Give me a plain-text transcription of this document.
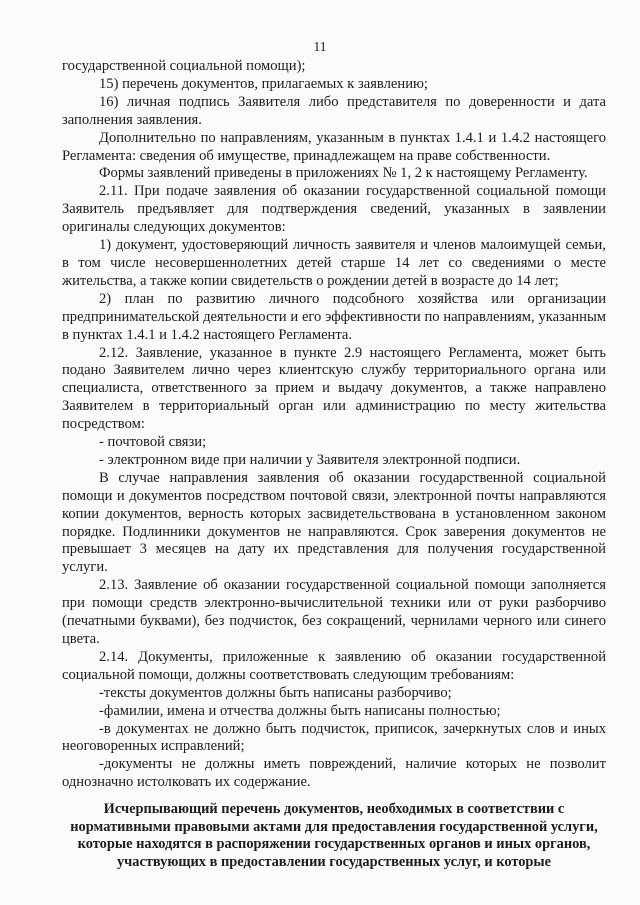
11

государственной социальной помощи);

15) перечень документов, прилагаемых к заявлению;

16) личная подпись Заявителя либо представителя по доверенности и дата заполнения заявления.

Дополнительно по направлениям, указанным в пунктах 1.4.1 и 1.4.2 настоящего Регламента: сведения об имуществе, принадлежащем на праве собственности.

Формы заявлений приведены в приложениях № 1, 2 к настоящему Регламенту.

2.11. При подаче заявления об оказании государственной социальной помощи Заявитель предъявляет для подтверждения сведений, указанных в заявлении оригиналы следующих документов:

1) документ, удостоверяющий личность заявителя и членов малоимущей семьи, в том числе несовершеннолетних детей старше 14 лет со сведениями о месте жительства, а также копии свидетельств о рождении детей в возрасте до 14 лет;

2) план по развитию личного подсобного хозяйства или организации предпринимательской деятельности и его эффективности по направлениям, указанным в пунктах 1.4.1 и 1.4.2 настоящего Регламента.

2.12. Заявление, указанное в пункте 2.9 настоящего Регламента, может быть подано Заявителем лично через клиентскую службу территориального органа или специалиста, ответственного за прием и выдачу документов, а также направлено Заявителем в территориальный орган или администрацию по месту жительства посредством:

- почтовой связи;

- электронном виде при наличии у Заявителя электронной подписи.

В случае направления заявления об оказании государственной социальной помощи и документов посредством почтовой связи, электронной почты направляются копии документов, верность которых засвидетельствована в установленном законом порядке. Подлинники документов не направляются. Срок заверения документов не превышает 3 месяцев на дату их представления для получения государственной услуги.

2.13. Заявление об оказании государственной социальной помощи заполняется при помощи средств электронно-вычислительной техники или от руки разборчиво (печатными буквами), без подчисток, без сокращений, чернилами черного или синего цвета.

2.14. Документы, приложенные к заявлению об оказании государственной социальной помощи, должны соответствовать следующим требованиям:

-тексты документов должны быть написаны разборчиво;

-фамилии, имена и отчества должны быть написаны полностью;

-в документах не должно быть подчисток, приписок, зачеркнутых слов и иных неоговоренных исправлений;

-документы не должны иметь повреждений, наличие которых не позволит однозначно истолковать их содержание.

Исчерпывающий перечень документов, необходимых в соответствии с нормативными правовыми актами для предоставления государственной услуги, которые находятся в распоряжении государственных органов и иных органов, участвующих в предоставлении государственных услуг, и которые
